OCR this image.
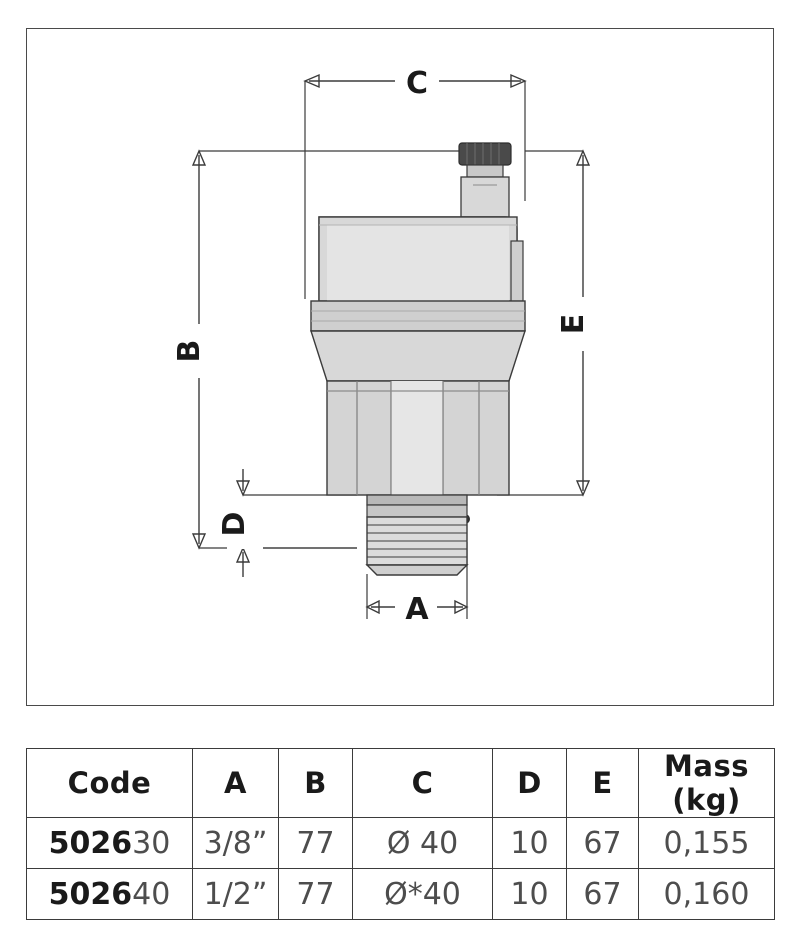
C
B
E
D
A
Code	A	B	C	D	E	Mass (kg)
502630	3/8”	77	Ø 40	10	67	0,155
502640	1/2”	77	Ø*40	10	67	0,160
